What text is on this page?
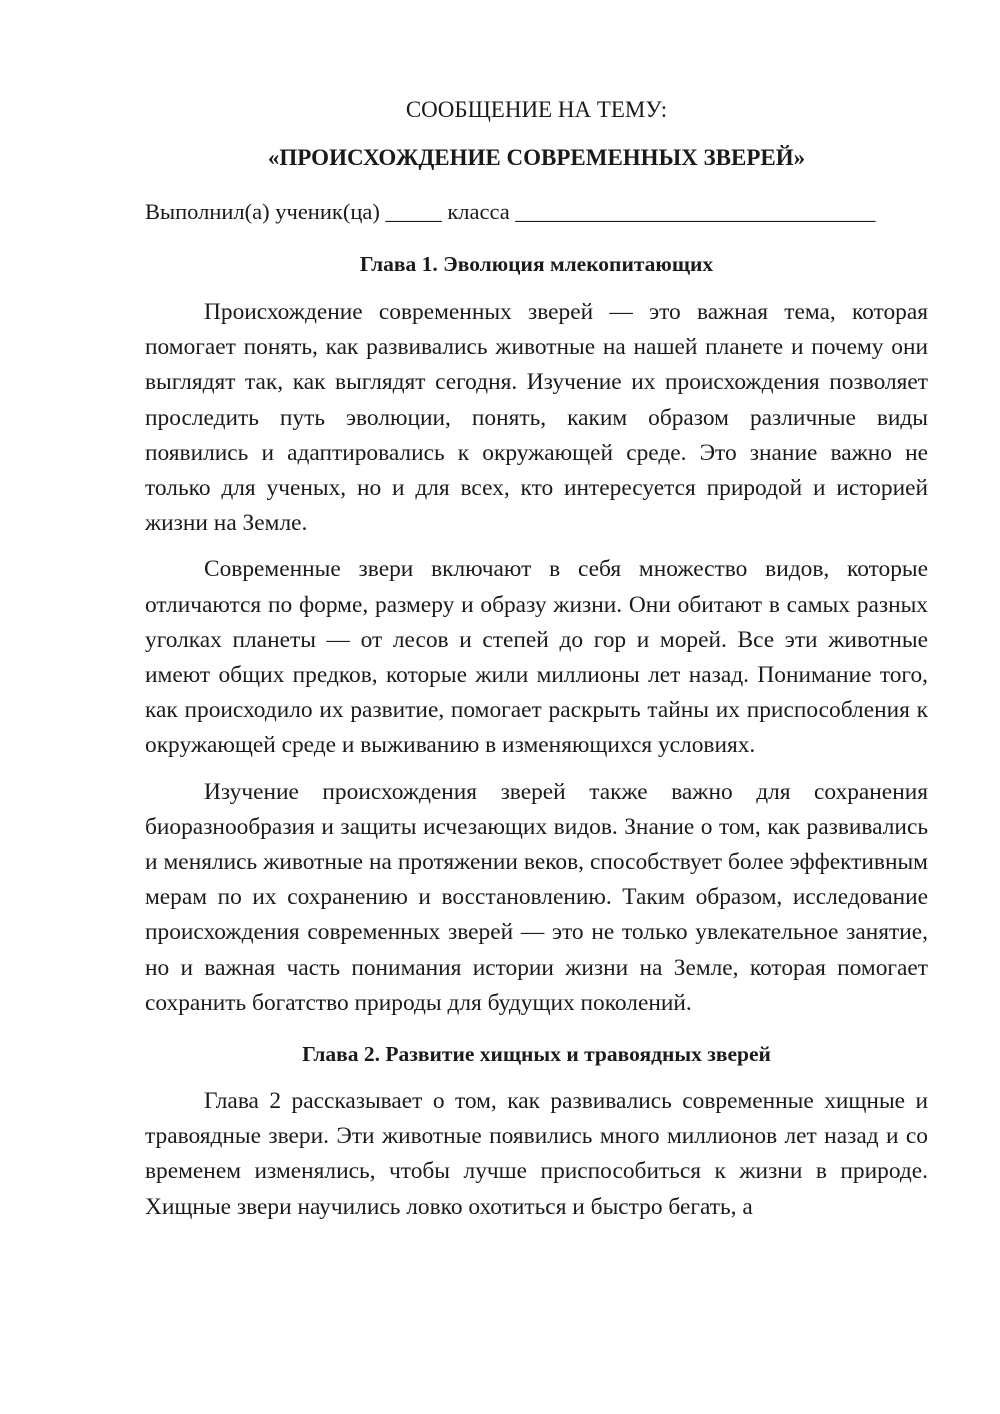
СООБЩЕНИЕ НА ТЕМУ:

«ПРОИСХОЖДЕНИЕ СОВРЕМЕННЫХ ЗВЕРЕЙ»

Выполнил(а) ученик(ца) _____ класса ________________________________

Глава 1. Эволюция млекопитающих

Происхождение современных зверей — это важная тема, которая помогает понять, как развивались животные на нашей планете и почему они выглядят так, как выглядят сегодня. Изучение их происхождения позволяет проследить путь эволюции, понять, каким образом различные виды появились и адаптировались к окружающей среде. Это знание важно не только для ученых, но и для всех, кто интересуется природой и историей жизни на Земле.

Современные звери включают в себя множество видов, которые отличаются по форме, размеру и образу жизни. Они обитают в самых разных уголках планеты — от лесов и степей до гор и морей. Все эти животные имеют общих предков, которые жили миллионы лет назад. Понимание того, как происходило их развитие, помогает раскрыть тайны их приспособления к окружающей среде и выживанию в изменяющихся условиях.

Изучение происхождения зверей также важно для сохранения биоразнообразия и защиты исчезающих видов. Знание о том, как развивались и менялись животные на протяжении веков, способствует более эффективным мерам по их сохранению и восстановлению. Таким образом, исследование происхождения современных зверей — это не только увлекательное занятие, но и важная часть понимания истории жизни на Земле, которая помогает сохранить богатство природы для будущих поколений.

Глава 2. Развитие хищных и травоядных зверей

Глава 2 рассказывает о том, как развивались современные хищные и травоядные звери. Эти животные появились много миллионов лет назад и со временем изменялись, чтобы лучше приспособиться к жизни в природе. Хищные звери научились ловко охотиться и быстро бегать, а
